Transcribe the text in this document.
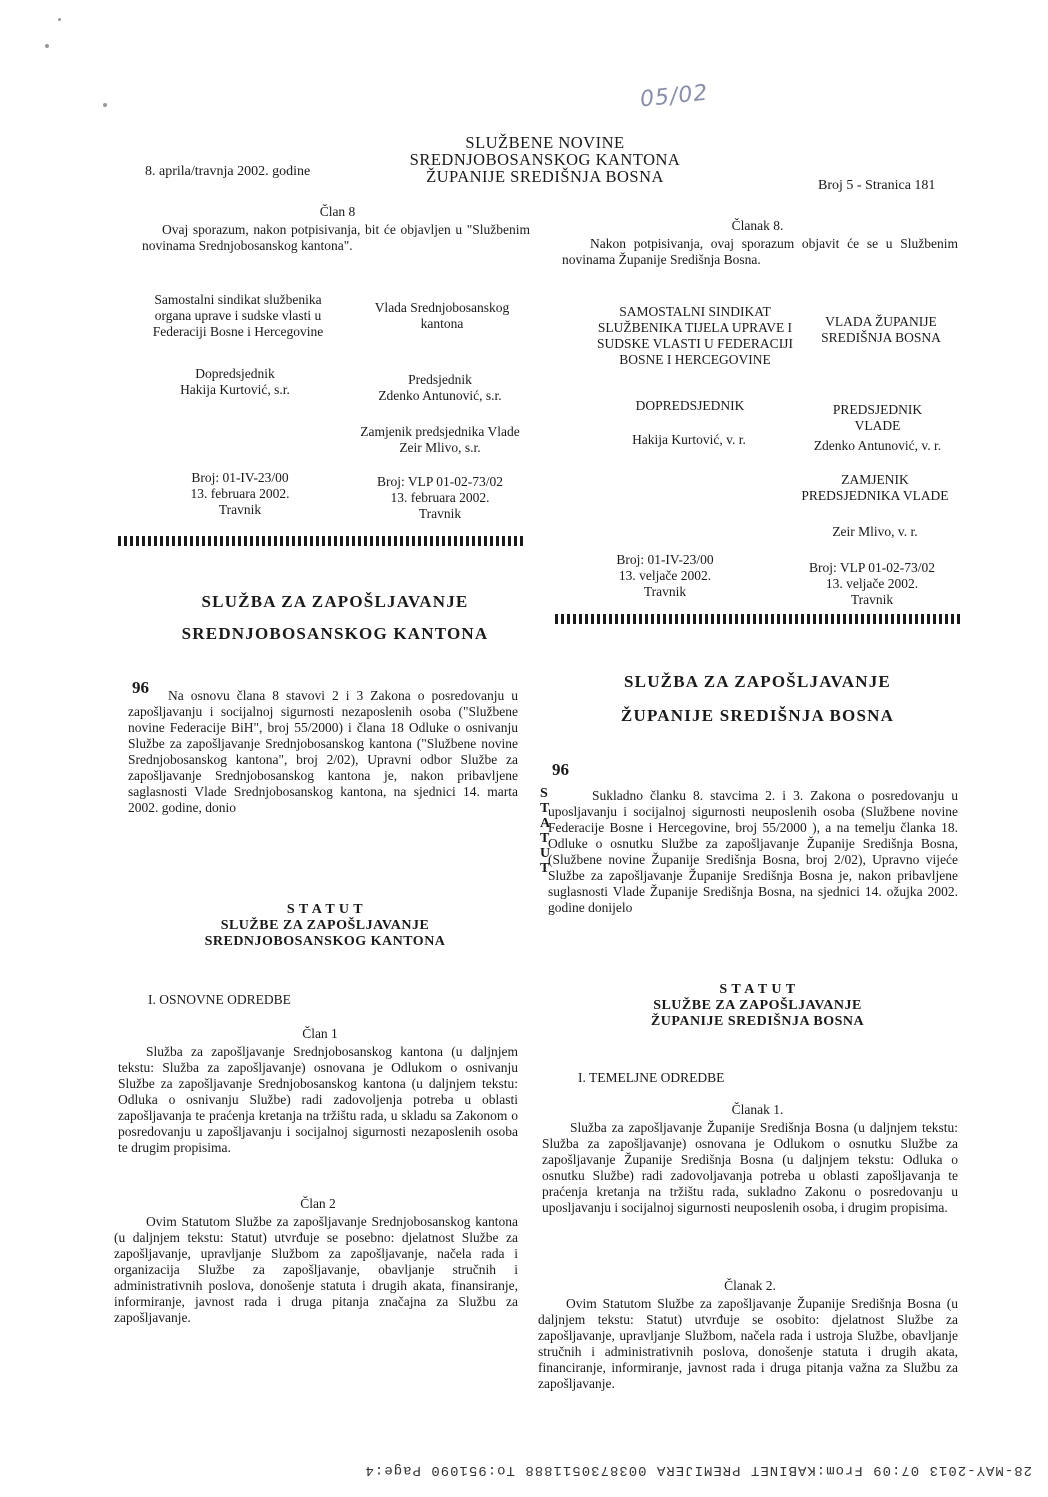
05/02
SLUŽBENE NOVINE
SREDNJOBOSANSKOG KANTONA
ŽUPANIJE SREDIŠNJA BOSNA
8. aprila/travnja 2002. godine
Broj 5 - Stranica 181
Član 8
Ovaj sporazum, nakon potpisivanja, bit će objavljen u "Službenim novinama Srednjobosanskog kantona".
Samostalni sindikat službenika organa uprave i sudske vlasti u Federaciji Bosne i Hercegovine
Vlada Srednjobosanskog kantona
Dopredsjednik
Hakija Kurtović, s.r.
Predsjednik
Zdenko Antunović, s.r.
Zamjenik predsjednika Vlade
Zeir Mlivo, s.r.
Broj: 01-IV-23/00
13. februara 2002.
Travnik
Broj: VLP 01-02-73/02
13. februara 2002.
Travnik
SLUŽBA ZA ZAPOŠLJAVANJE
SREDNJOBOSANSKOG KANTONA
96	Na osnovu člana 8 stavovi 2 i 3 Zakona o posredovanju u zapošljavanju i socijalnoj sigurnosti nezaposlenih osoba ("Službene novine Federacije BiH", broj 55/2000) i člana 18 Odluke o osnivanju Službe za zapošljavanje Srednjobosanskog kantona ("Službene novine Srednjobosanskog kantona", broj 2/02), Upravni odbor Službe za zapošljavanje Srednjobosanskog kantona je, nakon pribavljene saglasnosti Vlade Srednjobosanskog kantona, na sjednici 14. marta 2002. godine, donio
S T A T U T
SLUŽBE ZA ZAPOŠLJAVANJE
SREDNJOBOSANSKOG KANTONA
I. OSNOVNE ODREDBE
Član 1
Služba za zapošljavanje Srednjobosanskog kantona (u daljnjem tekstu: Služba za zapošljavanje) osnovana je Odlukom o osnivanju Službe za zapošljavanje Srednjobosanskog kantona (u daljnjem tekstu: Odluka o osnivanju Službe) radi zadovoljenja potreba u oblasti zapošljavanja te praćenja kretanja na tržištu rada, u skladu sa Zakonom o posredovanju u zapošljavanju i socijalnoj sigurnosti nezaposlenih osoba te drugim propisima.
Član 2
Ovim Statutom Službe za zapošljavanje Srednjobosanskog kantona (u daljnjem tekstu: Statut) utvrđuje se posebno: djelatnost Službe za zapošljavanje, upravljanje Službom za zapošljavanje, načela rada i organizacija Službe za zapošljavanje, obavljanje stručnih i administrativnih poslova, donošenje statuta i drugih akata, finansiranje, informiranje, javnost rada i druga pitanja značajna za Službu za zapošljavanje.
Članak 8.
Nakon potpisivanja, ovaj sporazum objavit će se u Službenim novinama Županije Središnja Bosna.
SAMOSTALNI SINDIKAT SLUŽBENIKA TIJELA UPRAVE I SUDSKE VLASTI U FEDERACIJI BOSNE I HERCEGOVINE
VLADA ŽUPANIJE SREDIŠNJA BOSNA
DOPREDSJEDNIK
Hakija Kurtović, v. r.
PREDSJEDNIK VLADE
Zdenko Antunović, v. r.
ZAMJENIK PREDSJEDNIKA VLADE
Zeir Mlivo, v. r.
Broj: 01-IV-23/00
13. veljače 2002.
Travnik
Broj: VLP 01-02-73/02
13. veljače 2002.
Travnik
SLUŽBA ZA ZAPOŠLJAVANJE
ŽUPANIJE SREDIŠNJA BOSNA
96
Sukladno članku 8. stavcima 2. i 3. Zakona o posredovanju u uposljavanju i socijalnoj sigurnosti neuposlenih osoba (Službene novine Federacije Bosne i Hercegovine, broj 55/2000 ), a na temelju članka 18. Odluke o osnutku Službe za zapošljavanje Županije Središnja Bosna, (Službene novine Županije Središnja Bosna, broj 2/02), Upravno vijeće Službe za zapošljavanje Županije Središnja Bosna je, nakon pribavljene suglasnosti Vlade Županije Središnja Bosna, na sjednici 14. ožujka 2002. godine donijelo
S T A T U T
S T A T U T
SLUŽBE ZA ZAPOŠLJAVANJE
ŽUPANIJE SREDIŠNJA BOSNA
I. TEMELJNE ODREDBE
Članak 1.
Služba za zapošljavanje Županije Središnja Bosna (u daljnjem tekstu: Služba za zapošljavanje) osnovana je Odlukom o osnutku Službe za zapošljavanje Županije Središnja Bosna (u daljnjem tekstu: Odluka o osnutku Službe) radi zadovoljavanja potreba u oblasti zapošljavanja te praćenja kretanja na tržištu rada, sukladno Zakonu o posredovanju u uposljavanju i socijalnoj sigurnosti neuposlenih osoba, i drugim propisima.
Članak 2.
Ovim Statutom Službe za zapošljavanje Županije Središnja Bosna (u daljnjem tekstu: Statut) utvrđuje se osobito: djelatnost Službe za zapošljavanje, upravljanje Službom, načela rada i ustroja Službe, obavljanje stručnih i administrativnih poslova, donošenje statuta i drugih akata, financiranje, informiranje, javnost rada i druga pitanja važna za Službu za zapošljavanje.
28-MAY-2013 07:09 From:KABINET PREMIJERA 0038730511888 To:951090 Page:4
